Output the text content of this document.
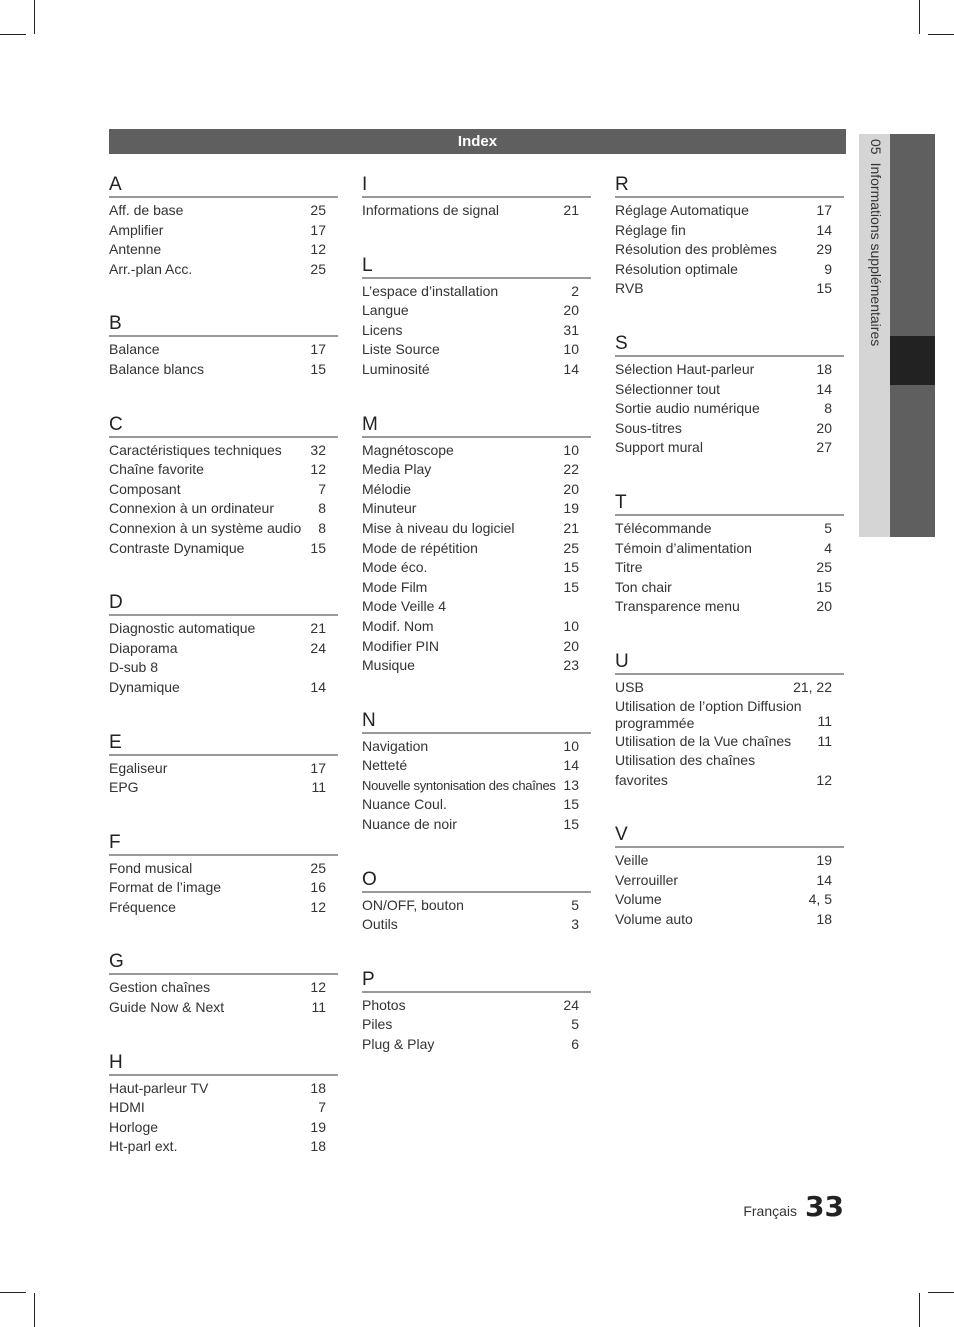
Index	05Informations supplémentaires
A
Aff. de base	25
Amplifier	17
Antenne	12
Arr.-plan Acc.	25
B
Balance	17
Balance blancs	15
C
Caractéristiques techniques	32
Chaîne favorite	12
Composant	7
Connexion à un ordinateur	8
Connexion à un système audio	8
Contraste Dynamique	15
D
Diagnostic automatique	21
Diaporama	24
D-sub 8
Dynamique	14
E
Egaliseur	17
EPG	11
F
Fond musical	25
Format de l’image	16
Fréquence	12
G
Gestion chaînes	12
Guide Now & Next	11
H
Haut-parleur TV	18
HDMI	7
Horloge	19
Ht-parl ext.	18
I
Informations de signal	21
L
L’espace d’installation	2
Langue	20
Licens	31
Liste Source	10
Luminosité	14
M
Magnétoscope	10
Media Play	22
Mélodie	20
Minuteur	19
Mise à niveau du logiciel	21
Mode de répétition	25
Mode éco.	15
Mode Film	15
Mode Veille 4
Modif. Nom	10
Modifier PIN	20
Musique	23
N
Navigation	10
Netteté	14
Nouvelle syntonisation des chaînes 13
Nuance Coul.	15
Nuance de noir	15
O
ON/OFF, bouton	5
Outils	3
P
Photos	24
Piles	5
Plug & Play	6
R
Réglage Automatique	17
Réglage fin	14
Résolution des problèmes	29
Résolution optimale	9
RVB	15
S
Sélection Haut-parleur	18
Sélectionner tout	14
Sortie audio numérique	8
Sous-titres	20
Support mural	27
T
Télécommande	5
Témoin d’alimentation	4
Titre	25
Ton chair	15
Transparence menu	20
U
USB	21, 22
Utilisation de l’option Diffusion programmée	11
Utilisation de la Vue chaînes	11
Utilisation des chaînes favorites	12
V
Veille	19
Verrouiller	14
Volume	4, 5
Volume auto	18
Français 33
